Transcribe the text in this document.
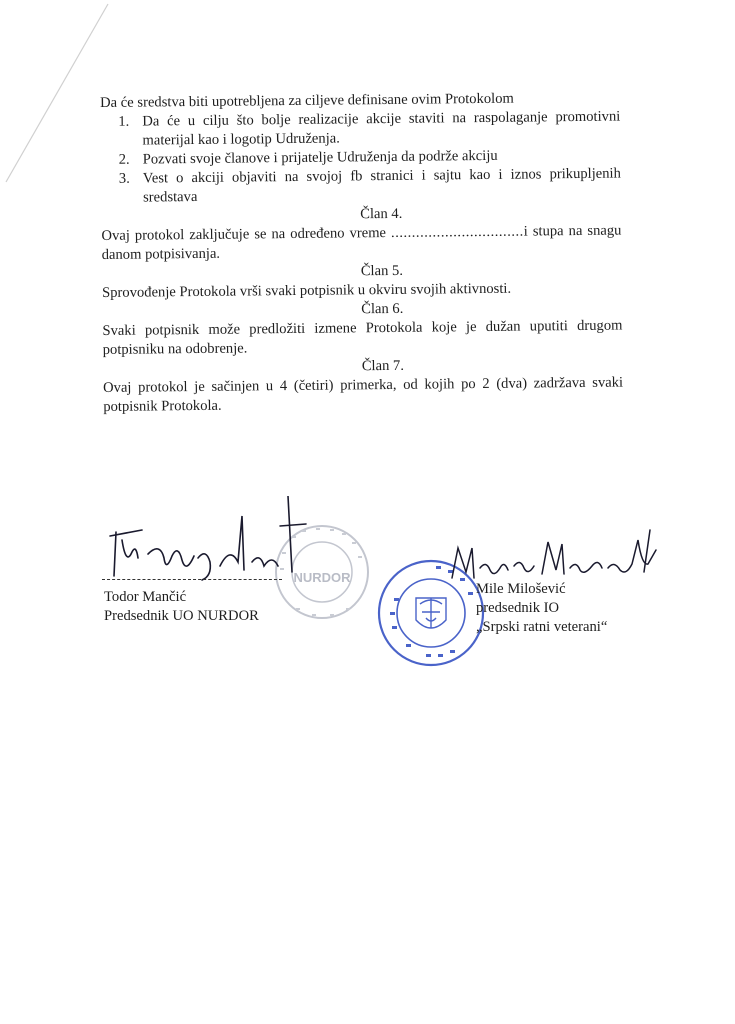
Da će sredstva biti upotrebljena za ciljeve definisane ovim Protokolom

1. Da će u cilju što bolje realizacije akcije staviti na raspolaganje promotivni materijal kao i logotip Udruženja.
2. Pozvati svoje članove i prijatelje Udruženja da podrže akciju
3. Vest o akciji objaviti na svojoj fb stranici i sajtu kao i iznos prikupljenih sredstava

Član 4.

Ovaj protokol zaključuje se na određeno vreme ................................i stupa na snagu danom potpisivanja.

Član 5.

Sprovođenje Protokola vrši svaki potpisnik u okviru svojih aktivnosti.

Član 6.

Svaki potpisnik može predložiti izmene Protokola koje je dužan uputiti drugom potpisniku na odobrenje.

Član 7.

Ovaj protokol je sačinjen u 4 (četiri) primerka, od kojih po 2 (dva) zadržava svaki potpisnik Protokola.

NURDOR
Todor Mančić
Predsednik UO NURDOR
Mile Milošević
predsednik IO
„Srpski ratni veterani“
